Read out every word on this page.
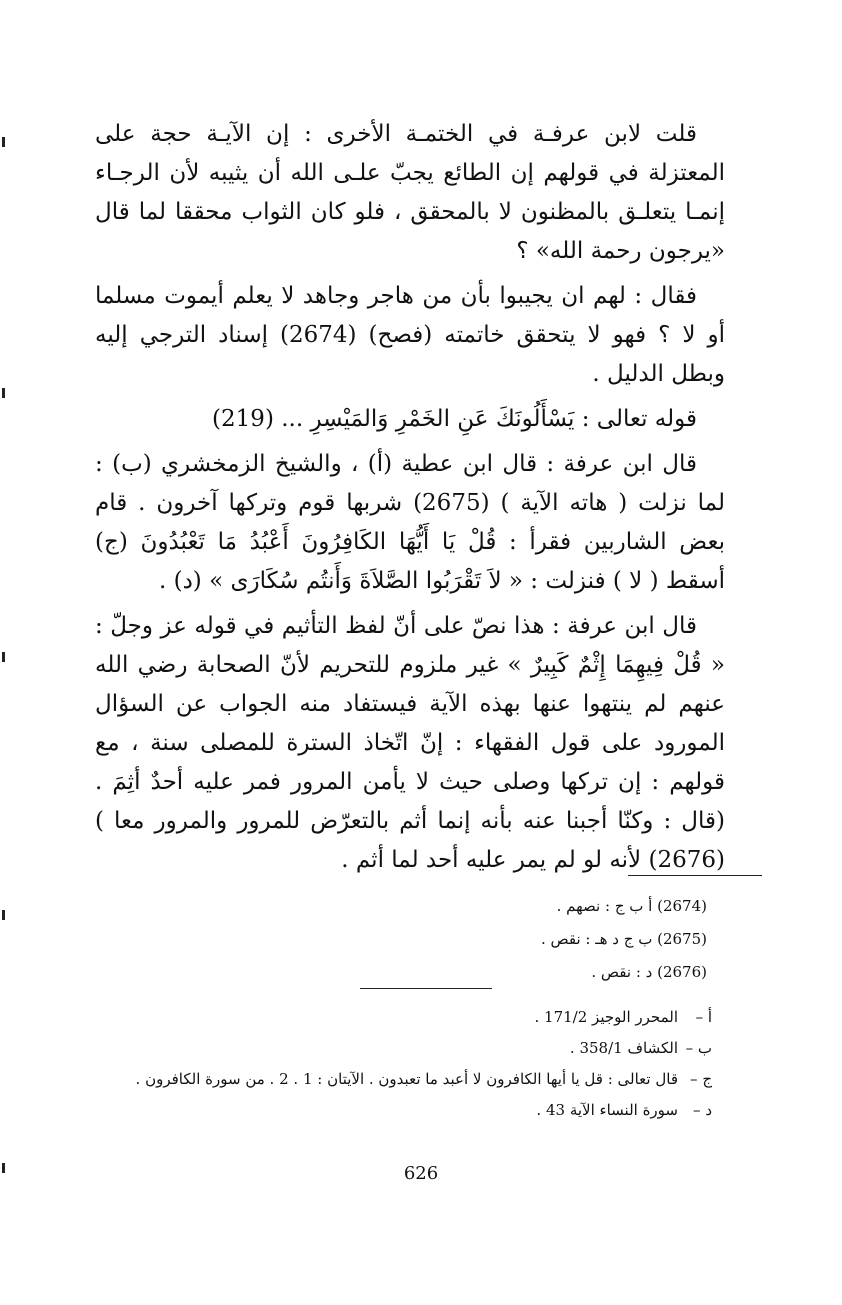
قلت لابن عرفـة في الختمـة الأخرى : إن الآيـة حجة على المعتزلة في قولهم إن الطائع يجبّ علـى الله أن يثيبه لأن الرجـاء إنمـا يتعلـق بالمظنون لا بالمحقق ، فلو كان الثواب محققا لما قال «يرجون رحمة الله» ؟

فقال : لهم ان يجيبوا بأن من هاجر وجاهد لا يعلم أيموت مسلما أو لا ؟ فهو لا يتحقق خاتمته (فصح) (2674) إسناد الترجي إليه وبطل الدليل .

قوله تعالى : يَسْأَلُونَكَ عَنِ الخَمْرِ وَالمَيْسِرِ ... (219)

قال ابن عرفة : قال ابن عطية (أ) ، والشيخ الزمخشري (ب) : لما نزلت ( هاته الآية ) (2675) شربها قوم وتركها آخرون . قام بعض الشاربين فقرأ : قُلْ يَا أَيُّهَا الكَافِرُونَ أَعْبُدُ مَا تَعْبُدُونَ (ج) أسقط ( لا ) فنزلت : « لاَ تَقْرَبُوا الصَّلاَةَ وَأَنتُم سُكَارَى » (د) .

قال ابن عرفة : هذا نصّ على أنّ لفظ التأثيم في قوله عز وجلّ : « قُلْ فِيهِمَا إِثْمٌ كَبِيرٌ » غير ملزوم للتحريم لأنّ الصحابة رضي الله عنهم لم ينتهوا عنها بهذه الآية فيستفاد منه الجواب عن السؤال المورود على قول الفقهاء : إنّ اتّخاذ السترة للمصلى سنة ، مع قولهم : إن تركها وصلى حيث لا يأمن المرور فمر عليه أحدٌ أثِمَ . (قال : وكنّا أجبنا عنه بأنه إنما أثم بالتعرّض للمرور والمرور معا ) (2676) لأنه لو لم يمر عليه أحد لما أثم .

(2674) أ ب ج : نصهم .
(2675) ب ج د هـ : نقص .
(2676) د : نقص .
أ –المحرر الوجيز 171/2 .
ب –الكشاف 358/1 .
ج –قال تعالى : قل يا أيها الكافرون لا أعبد ما تعبدون . الآيتان : 1 . 2 . من سورة الكافرون .
د –سورة النساء الآية 43 .
626
